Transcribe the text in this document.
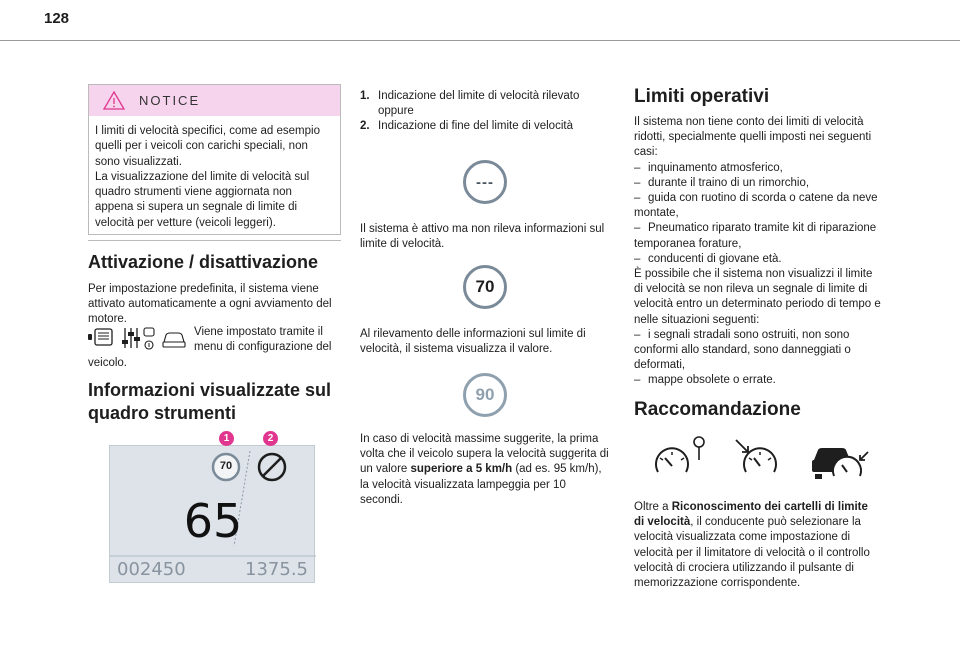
128
NOTICE
I limiti di velocità specifici, come ad esempio
quelli per i veicoli con carichi speciali, non
sono visualizzati.
La visualizzazione del limite di velocità sul
quadro strumenti viene aggiornata non
appena si supera un segnale di limite di
velocità per vetture (veicoli leggeri).
Attivazione / disattivazione
Per impostazione predefinita, il sistema viene
attivato automaticamente a ogni avviamento del
motore.
Viene impostato tramite il
menu di configurazione del
veicolo.
Informazioni visualizzate sul
quadro strumenti
70
65
002450	1375.5
1	2
1. Indicazione del limite di velocità rilevato
oppure
2. Indicazione di fine del limite di velocità
---
Il sistema è attivo ma non rileva informazioni sul
limite di velocità.
70
Al rilevamento delle informazioni sul limite di
velocità, il sistema visualizza il valore.
90
In caso di velocità massime suggerite, la prima
volta che il veicolo supera la velocità suggerita di
un valore superiore a 5 km/h (ad es. 95 km/h),
la velocità visualizzata lampeggia per 10
secondi.
Limiti operativi
Il sistema non tiene conto dei limiti di velocità
ridotti, specialmente quelli imposti nei seguenti
casi:
– inquinamento atmosferico,
– durante il traino di un rimorchio,
– guida con ruotino di scorda o catene da neve
montate,
– Pneumatico riparato tramite kit di riparazione
temporanea forature,
– conducenti di giovane età.
È possibile che il sistema non visualizzi il limite
di velocità se non rileva un segnale di limite di
velocità entro un determinato periodo di tempo e
nelle situazioni seguenti:
– i segnali stradali sono ostruiti, non sono
conformi allo standard, sono danneggiati o
deformati,
– mappe obsolete o errate.
Raccomandazione
Oltre a Riconoscimento dei cartelli di limite
di velocità, il conducente può selezionare la
velocità visualizzata come impostazione di
velocità per il limitatore di velocità o il controllo
velocità di crociera utilizzando il pulsante di
memorizzazione corrispondente.
